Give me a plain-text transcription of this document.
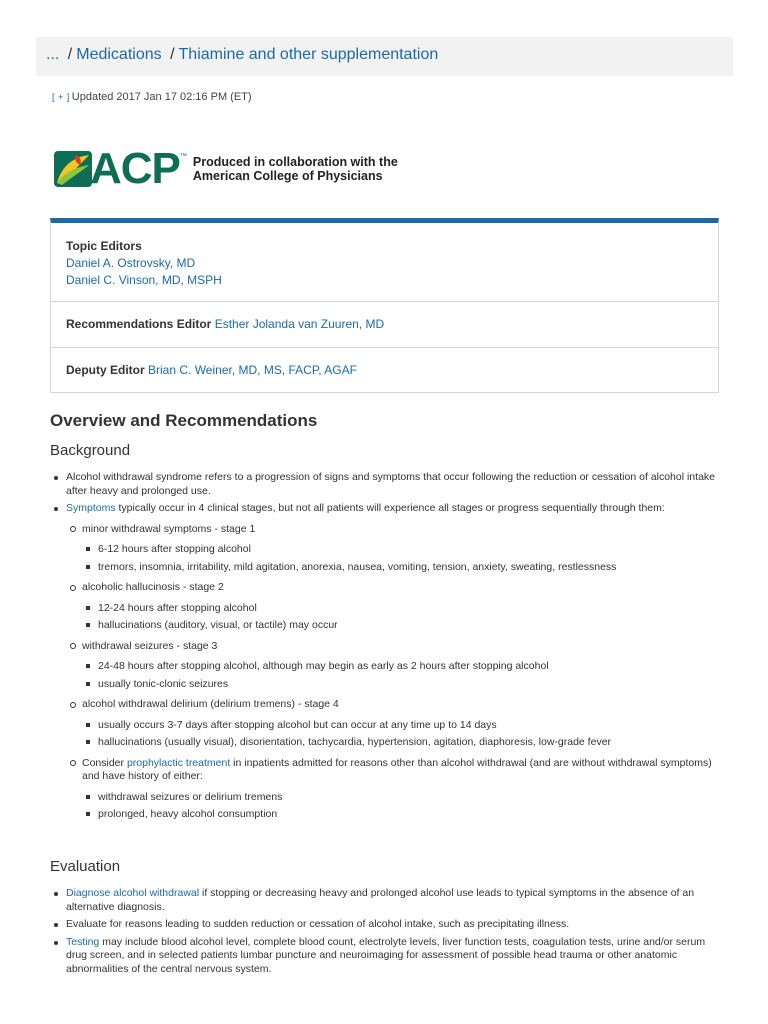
... / Medications / Thiamine and other supplementation
[ + ] Updated 2017 Jan 17 02:16 PM (ET)
ACP ™ Produced in collaboration with the
American College of Physicians
Topic Editors
Daniel A. Ostrovsky, MD
Daniel C. Vinson, MD, MSPH
Recommendations Editor Esther Jolanda van Zuuren, MD
Deputy Editor Brian C. Weiner, MD, MS, FACP, AGAF
Overview and Recommendations
Background
Alcohol withdrawal syndrome refers to a progression of signs and symptoms that occur following the reduction or cessation of alcohol intake after heavy and prolonged use.
Symptoms typically occur in 4 clinical stages, but not all patients will experience all stages or progress sequentially through them:
minor withdrawal symptoms - stage 1
6-12 hours after stopping alcohol
tremors, insomnia, irritability, mild agitation, anorexia, nausea, vomiting, tension, anxiety, sweating, restlessness
alcoholic hallucinosis - stage 2
12-24 hours after stopping alcohol
hallucinations (auditory, visual, or tactile) may occur
withdrawal seizures - stage 3
24-48 hours after stopping alcohol, although may begin as early as 2 hours after stopping alcohol
usually tonic-clonic seizures
alcohol withdrawal delirium (delirium tremens) - stage 4
usually occurs 3-7 days after stopping alcohol but can occur at any time up to 14 days
hallucinations (usually visual), disorientation, tachycardia, hypertension, agitation, diaphoresis, low-grade fever
Consider prophylactic treatment in inpatients admitted for reasons other than alcohol withdrawal (and are without withdrawal symptoms) and have history of either:
withdrawal seizures or delirium tremens
prolonged, heavy alcohol consumption
Evaluation
Diagnose alcohol withdrawal if stopping or decreasing heavy and prolonged alcohol use leads to typical symptoms in the absence of an alternative diagnosis.
Evaluate for reasons leading to sudden reduction or cessation of alcohol intake, such as precipitating illness.
Testing may include blood alcohol level, complete blood count, electrolyte levels, liver function tests, coagulation tests, urine and/or serum drug screen, and in selected patients lumbar puncture and neuroimaging for assessment of possible head trauma or other anatomic abnormalities of the central nervous system.
